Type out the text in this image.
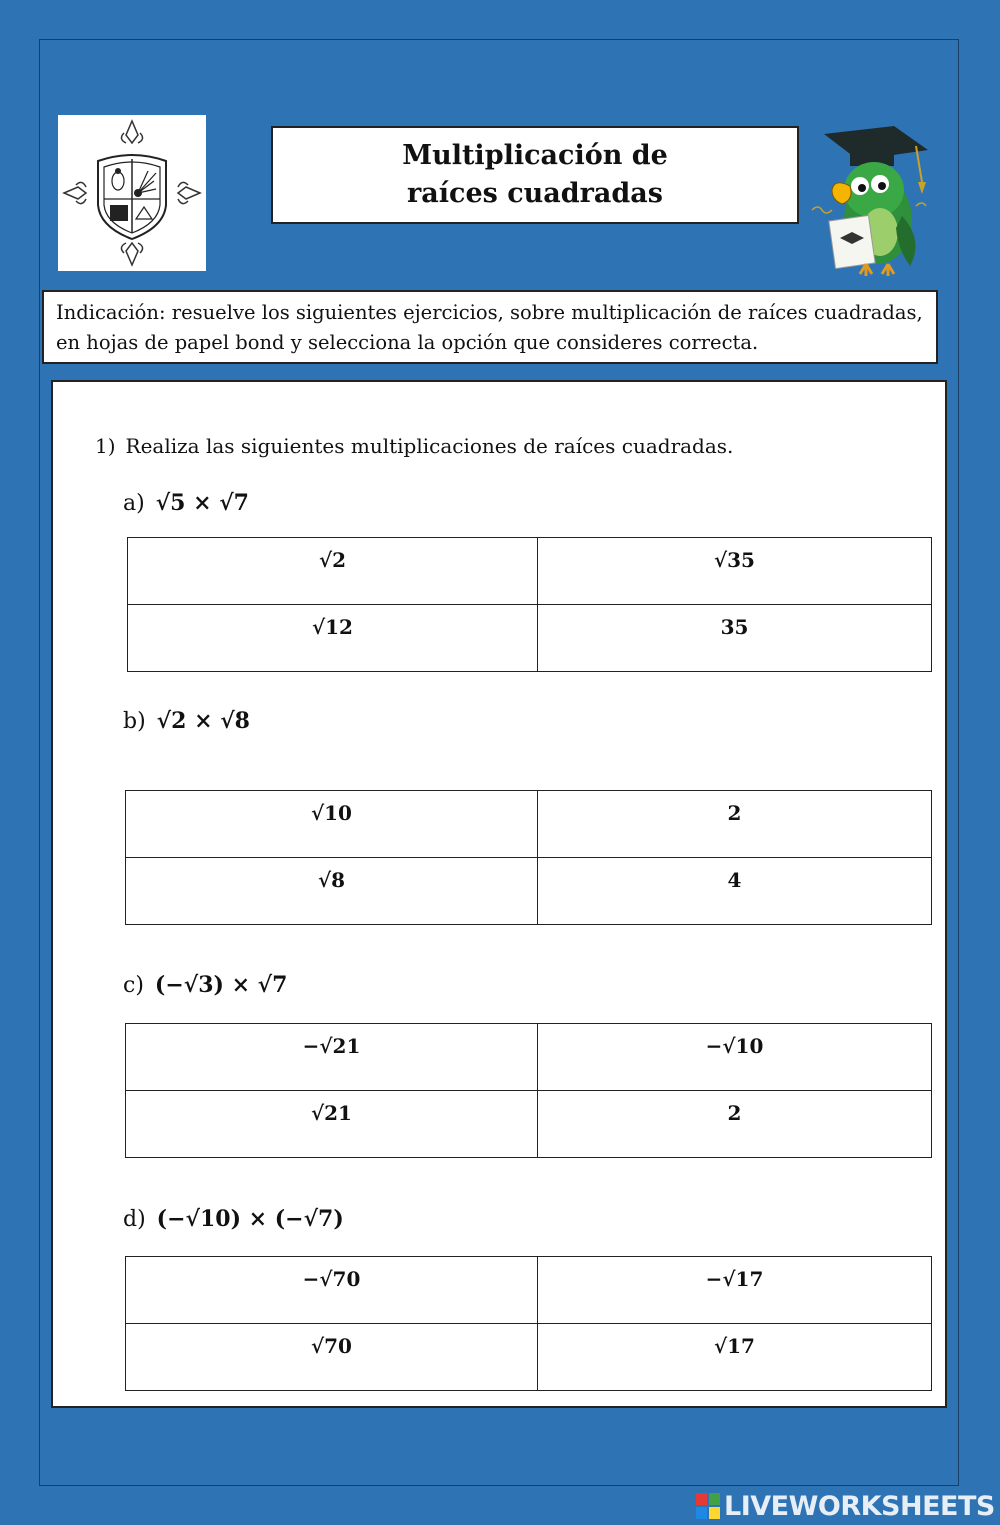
Multiplicación de raíces cuadradas
Indicación: resuelve los siguientes ejercicios, sobre multiplicación de raíces cuadradas, en hojas de papel bond y selecciona la opción que consideres correcta.
1) Realiza las siguientes multiplicaciones de raíces cuadradas.
a) √5 × √7
√2	√35
√12	35
b) √2 × √8
√10	2
√8	4
c) (−√3) × √7
−√21	−√10
√21	2
d) (−√10) × (−√7)
−√70	−√17
√70	√17
LIVEWORKSHEETS
